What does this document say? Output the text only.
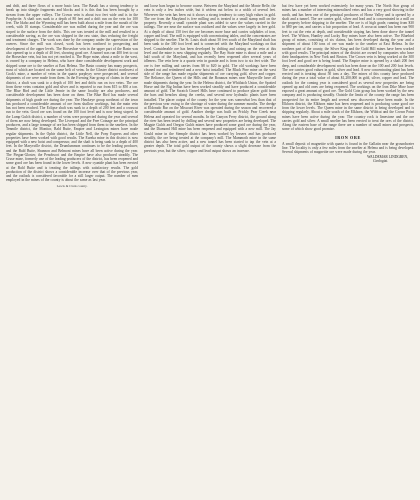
and drift, and three flows of a more basic lava. The Basalt has a strong tendency to break up into shingle fragments and blocks and it is this that has been brought by a stream from the upper valleys. The Crown vein is about two feet wide and is in the Porphyrite. A shaft was sunk to a depth of 80 feet and a drift run on the vein for 100 feet. The Idaho and the Wyoming mill has been built about a mile from the mouth of the creek, with 10 stamps. Considerable ore was milled during the year and the ore was stoped to the surface from the drifts. This ore was treated at the mill and resulted in a considerable saving, as the ore was shipped in the raw state, thus reducing the freight and treatment charges. The work was done by the company under the supervision of the owners. Since the mill was closed, work has been confined to prospecting and development of the upper levels. The Horseshoe vein in the upper part of the Basin was also opened up to a depth of 40 feet, showing good ore. A tunnel was run 400 feet to cut the Horseshoe vein, but has not yet reached it. The Hope mine, about a mile to the west, is owned by a company in Helena, who have done considerable development work and shipped some ore to the smelter at East Helena. The Basin country has many prospects, most of which are located on the same belt of veins. In the Gloster district northwest of Cook's mine, a number of veins in the quartz porphyry were prospected, and several shipments of ore were made from them. In the Evening Star group of claims in the same district, a shaft was sunk to a depth of 100 feet and drifts run on two veins. The ore from these veins contains gold and silver and is reported to run from $15 to $50 a ton. The Blue Bird and the Little Jennie in the same locality are also producers, and considerable development has been done on them. The Blue Bird has made several shipments of high grade ore during the year. The Hawkeye group northeast of the town has produced a considerable amount of ore from shallow workings, but the main vein has not been reached. The Eclipse shaft was sunk to a depth of 200 feet and a crosscut run to the vein. Good ore was found on the 100 foot level and is now being stoped. In the Lump Gulch district, a number of veins were prospected during the year and several of them are now being developed. The Liverpool and the Free Coinage are the principal producers, and a large tonnage of ore has been shipped from them to the smelters. In the Tenmile district, the Monitor, Bald Butte, Empire and Lexington mines have made regular shipments. In the Ophir district, the Little Nell, the Pony Express and other properties have been worked with good results. The Eureka mine in this district is now equipped with a new hoist and compressor, and the shaft is being sunk to a depth of 400 feet. In the Marysville district, the Drumlummon continues to be the leading producer, and the Bald Butte, Shannon and Belmont mines have all been active during the year. The Piegan-Gloster, the Penobscot and the Empire have also produced steadily. The Cruse mine, formerly one of the leading producers of the district, has been reopened and some good ore has been found in the lower levels. A new cyanide plant has been erected at the Bald Butte and is treating the tailings with satisfactory results. The gold production of the district shows a considerable increase over that of the previous year, and the outlook is considered favorable for a still larger output. The number of men employed in the mines of the county is about the same as last year.

Lewis & Clark county.

and loose bars began to become coarse. Between the Maryland and the Monte Belle, the vein is only a few inches wide, but it widens out below to a width of several feet. Wherever the vein has been cut it shows a strong tendency to carry high values in gold. The ore from the Maryland is free milling and is treated in a small stamp mill on the property. Recently a small cyanide plant was added to save the values carried in the tailings. The ore near the surface was oxidized and the values were largely in free gold. At a depth of about 150 feet the ore becomes more base and carries sulphides of iron, copper and lead. The mill is equipped with concentrating tables, and the concentrates are shipped to the smelter. The St. Louis shaft about 50 feet south of the Maryland shaft has been sunk to the 300 foot level and is connected with the Maryland workings on that level. Considerable ore has been developed by drifting and raising on the vein at this level and the mine is now shipping regularly. The Bay State mine is about a mile and a half south of the Maryland, and has recently been reopened after several years of idleness. The vein here is a quartz vein in granite and is from two to six feet wide. The ore is free milling and carries from $8 to $20 in gold. The old workings have been cleaned out and retimbered and a new hoist installed. The Black Pine mine on the west side of the range has made regular shipments of ore carrying gold, silver and copper. The Reliance, the Queen of the Hills and the Bonanza mines near Marysville have all made shipments during the year. In the Helena district, the Whitlatch Union, the Spotted Horse and the Big Indian have been worked steadily and have produced a considerable amount of gold. The Scratch Gravel Hills have continued to produce placer gold from the bars and benches along the creeks, and several new hydraulic plants have been installed. The placer output of the county for the year was somewhat less than that of the previous year owing to the shortage of water during the summer months. The dredge at Eldorado Bar on the Missouri River was operated during the season and recovered a considerable amount of gold. Another dredge was built on Prickly Pear Creek near Helena and operated for several months. In the Canyon Ferry district, the ground along the river has been tested by drilling and several new properties are being developed. The Magpie Gulch and Oregon Gulch mines have produced some good ore during the year, and the Diamond Hill mine has been reopened and equipped with a new mill. The Jay Gould mine in the Stemple district has been worked by lessees and has produced steadily, the ore being treated at the company's mill. The Mammoth mine in the same district has also been active, and a new tunnel has been started to tap the vein at a greater depth. The total gold output of the county shows a slight decrease from the previous year, but the silver, copper and lead output shows an increase.

but few have yet been worked extensively for many years. The North Star group of mines has a number of interesting mineralized veins and has a very good showing in the north, and has been one of the principal producers of Horse Valley and is opened by a shaft and a tunnel. The ore carries gold, silver and lead and is concentrated in a mill on the property before shipping to the smelter. The ore is of high grade, running from $30 to $80 per ton, and carries a fair proportion of lead. A crosscut tunnel has been run 900 feet to cut the vein at depth, and considerable stoping has been done above the tunnel level. The Wilson, Huntley and Lucky Boy mines have also been active. The Bluebird group of mines, consisting of six claims, has been developed during the year and a shipment of about 100 tons of ore was made to the smelter at East Helena. In the northern part of the county, the Silver King and the Gold Hill mines have been worked with good results. The principal mines of the district are owned by companies who have their headquarters in New York and Boston. The Crown vein is being worked at the 300 foot level and good ore is being found. The Empire mine is opened by a shaft 200 feet deep, and considerable development work has been done on the 100 and 200 foot levels. The ore carries good values in gold, silver and lead. A new concentrating plant has been erected and is treating about 50 tons a day. The mines of this county have produced during the year a total value of about $1,200,000 in gold, silver, copper and lead. The outlook for the coming year is considered good as several new properties are being opened up and old ones are being reopened. The workings on the Iron Dike Mine have exposed a great amount of good ore. The Gold Coin group has been worked by the new company and is producing steadily. Outside the limits of the county the range has been prospected for its entire length and several new discoveries have been made. In the Elkhorn district, the Elkhorn mine has been reopened and is producing some good ore from the lower levels. The Queen mine in the same district is being developed and is shipping regularly. About a mile south of the Elkhorn, the Wildcat and the Crown Point mines have been active during the year. The country rock is limestone and the ore carries gold and silver. A small smelter has been erected to treat the ores of the district. Along the eastern base of the range there are a number of small mines and prospects, some of which show good promise.

IRON ORE

A small deposit of magnetite with quartz is found in the Gallatin near the groundwater line. The locality is only a few miles from the smelter at Helena and is being developed. Several shipments of magnetite ore were made during the year.

WALDEMAR LINDGREN,
Geologist.
